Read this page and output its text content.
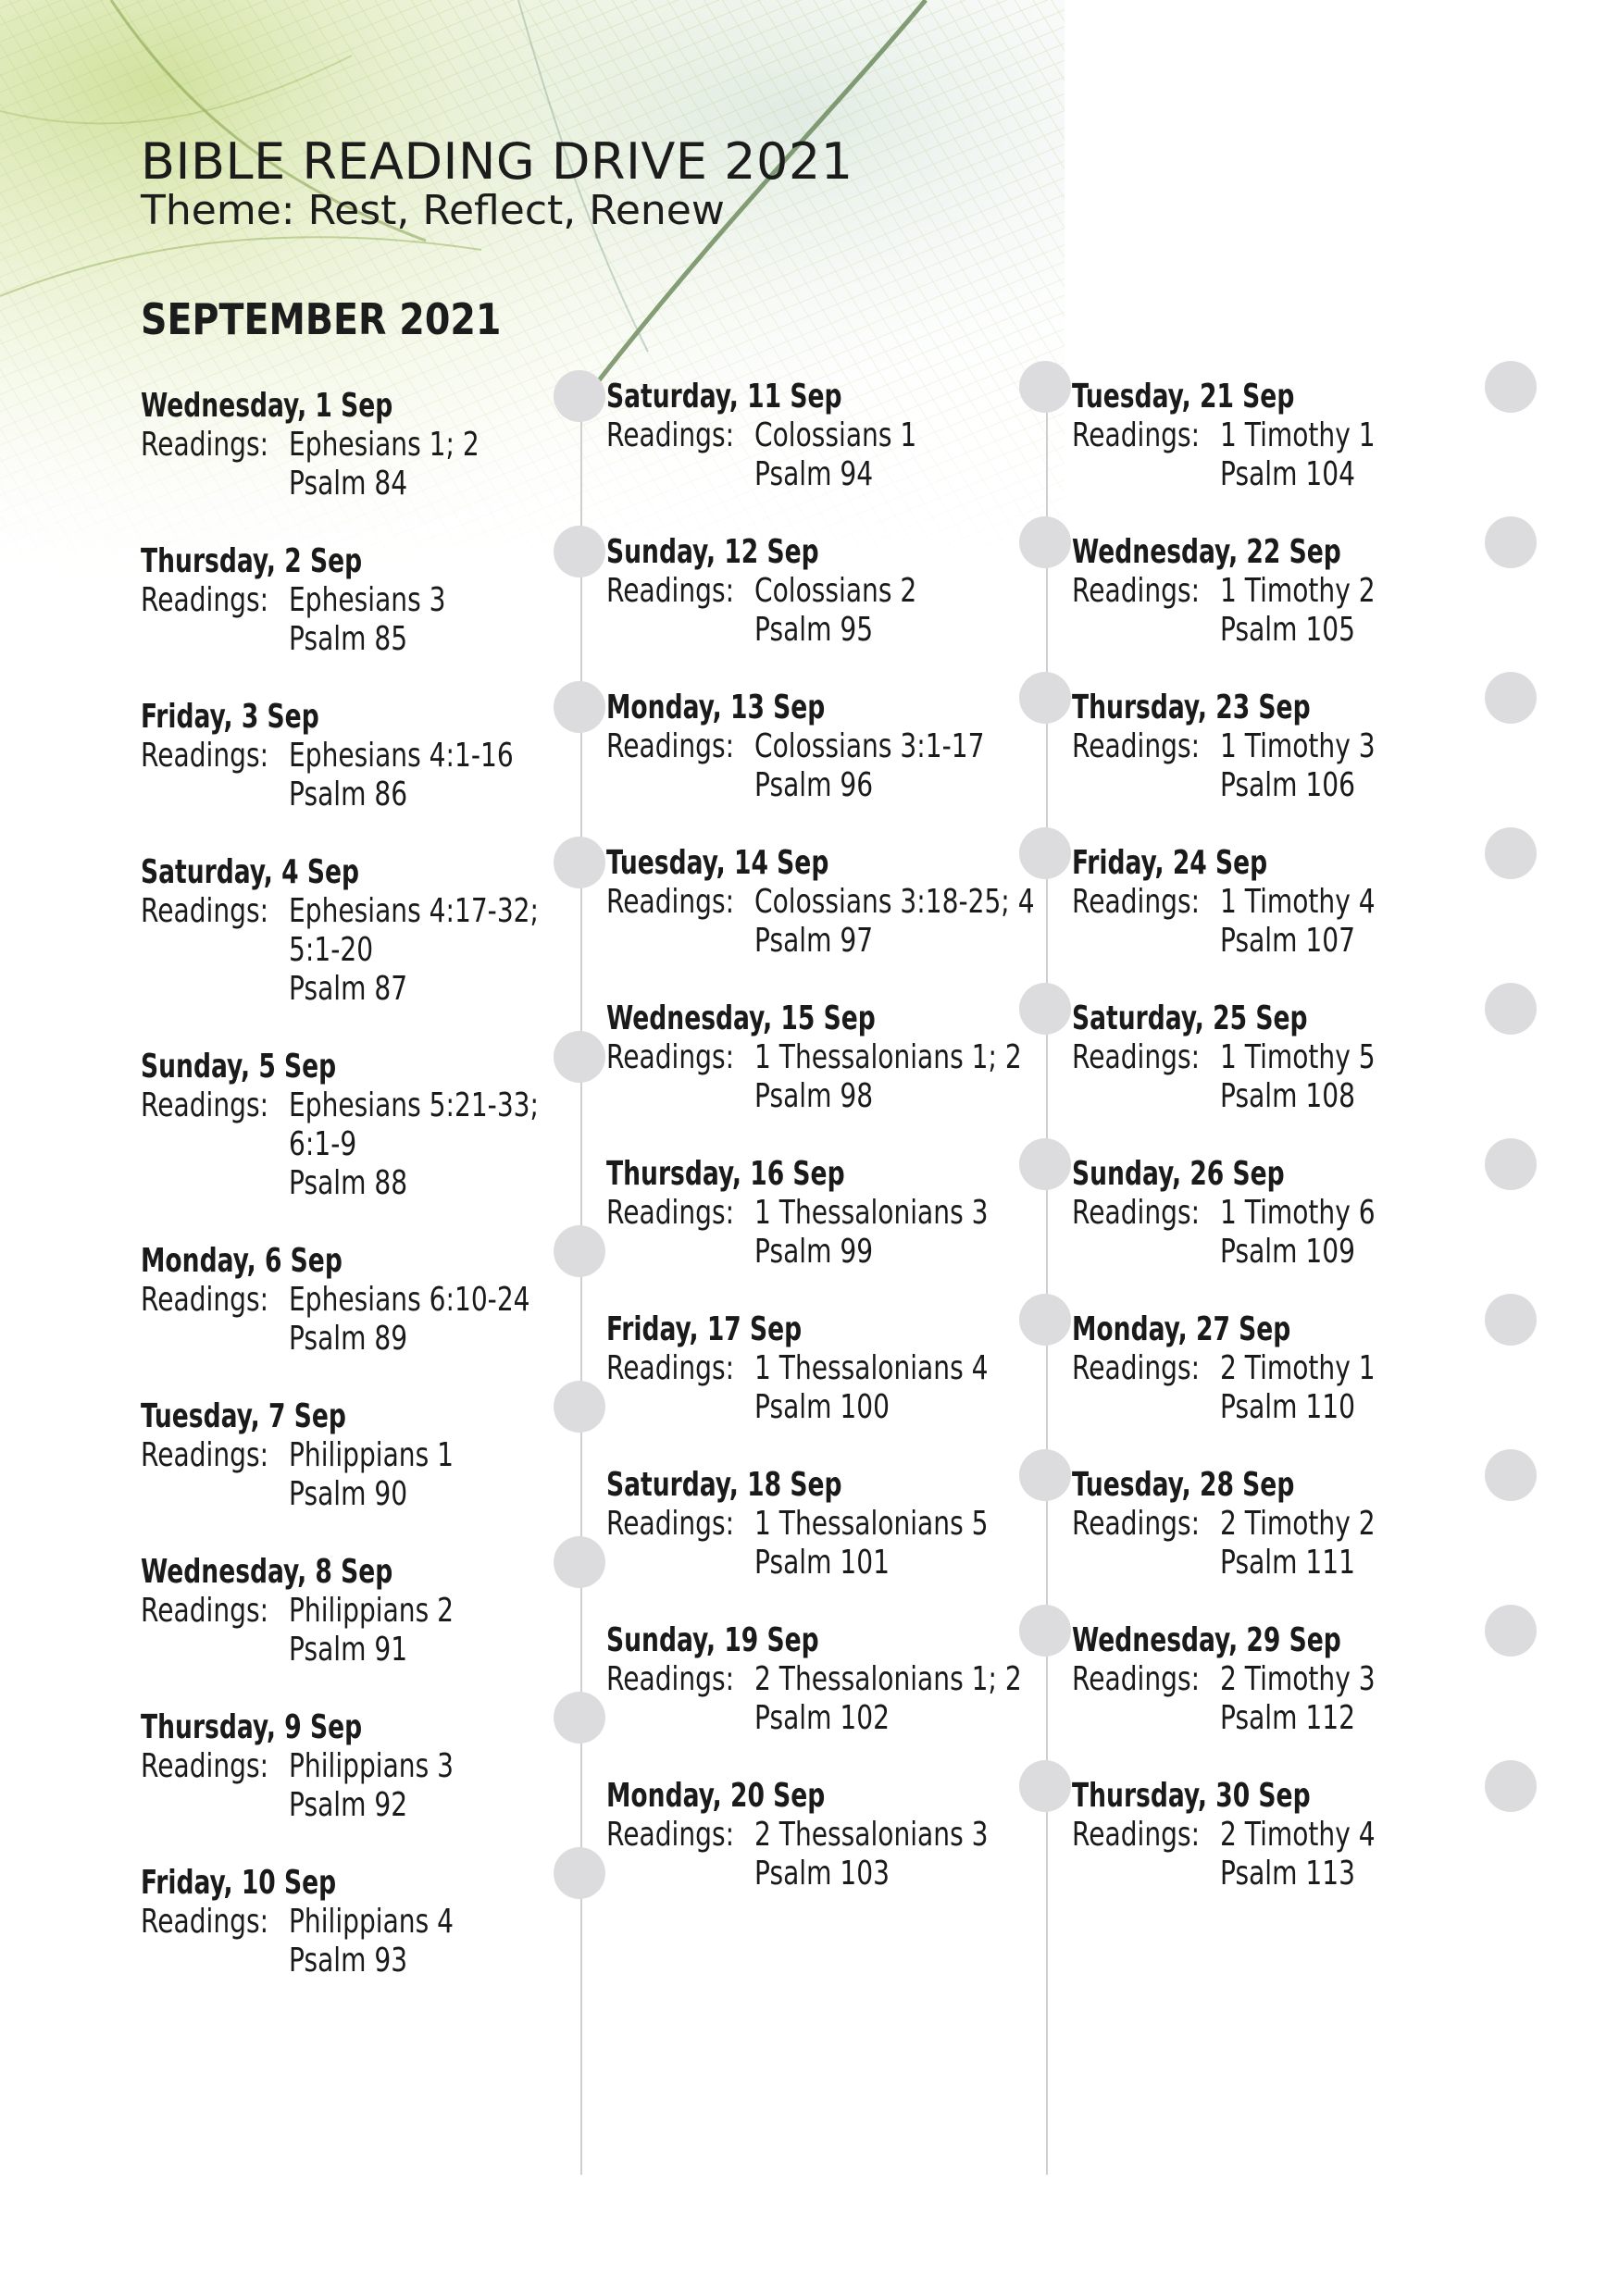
BIBLE READING DRIVE 2021
Theme: Rest, Reflect, Renew
SEPTEMBER 2021
Wednesday, 1 Sep
Readings: Ephesians 1; 2
Psalm 84
Thursday, 2 Sep
Readings: Ephesians 3
Psalm 85
Friday, 3 Sep
Readings: Ephesians 4:1-16
Psalm 86
Saturday, 4 Sep
Readings: Ephesians 4:17-32;
5:1-20
Psalm 87
Sunday, 5 Sep
Readings: Ephesians 5:21-33;
6:1-9
Psalm 88
Monday, 6 Sep
Readings: Ephesians 6:10-24
Psalm 89
Tuesday, 7 Sep
Readings: Philippians 1
Psalm 90
Wednesday, 8 Sep
Readings: Philippians 2
Psalm 91
Thursday, 9 Sep
Readings: Philippians 3
Psalm 92
Friday, 10 Sep
Readings: Philippians 4
Psalm 93
Saturday, 11 Sep
Readings: Colossians 1
Psalm 94
Sunday, 12 Sep
Readings: Colossians 2
Psalm 95
Monday, 13 Sep
Readings: Colossians 3:1-17
Psalm 96
Tuesday, 14 Sep
Readings: Colossians 3:18-25; 4
Psalm 97
Wednesday, 15 Sep
Readings: 1 Thessalonians 1; 2
Psalm 98
Thursday, 16 Sep
Readings: 1 Thessalonians 3
Psalm 99
Friday, 17 Sep
Readings: 1 Thessalonians 4
Psalm 100
Saturday, 18 Sep
Readings: 1 Thessalonians 5
Psalm 101
Sunday, 19 Sep
Readings: 2 Thessalonians 1; 2
Psalm 102
Monday, 20 Sep
Readings: 2 Thessalonians 3
Psalm 103
Tuesday, 21 Sep
Readings: 1 Timothy 1
Psalm 104
Wednesday, 22 Sep
Readings: 1 Timothy 2
Psalm 105
Thursday, 23 Sep
Readings: 1 Timothy 3
Psalm 106
Friday, 24 Sep
Readings: 1 Timothy 4
Psalm 107
Saturday, 25 Sep
Readings: 1 Timothy 5
Psalm 108
Sunday, 26 Sep
Readings: 1 Timothy 6
Psalm 109
Monday, 27 Sep
Readings: 2 Timothy 1
Psalm 110
Tuesday, 28 Sep
Readings: 2 Timothy 2
Psalm 111
Wednesday, 29 Sep
Readings: 2 Timothy 3
Psalm 112
Thursday, 30 Sep
Readings: 2 Timothy 4
Psalm 113
